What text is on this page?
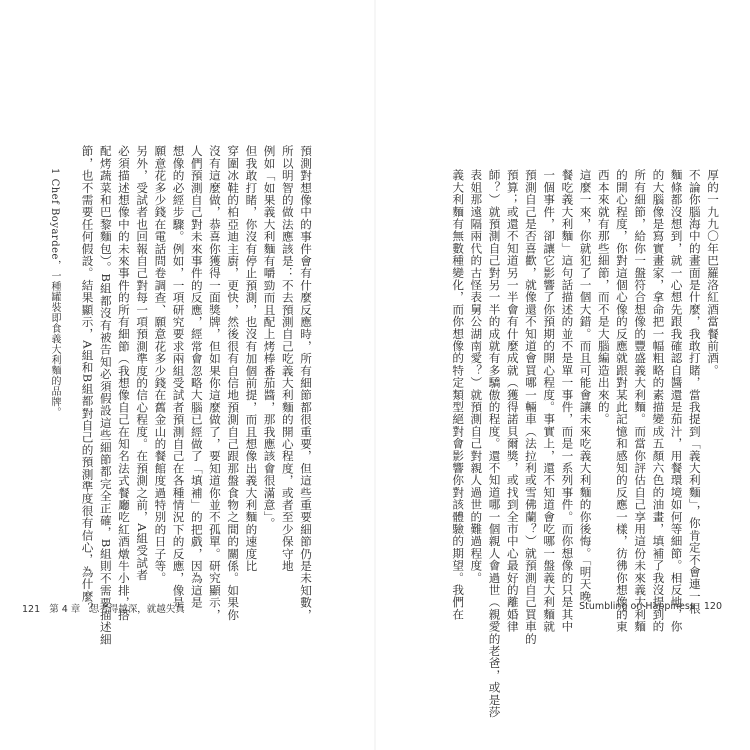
預測對想像中的事件會有什麼反應時，所有細節都很重要，但這些重要細節仍是未知數，
所以明智的做法應該是：不去預測自己吃義大利麵的開心程度，或者至少保守地
例如「如果義大利麵有嚼勁而且配上烤棒番茄醬，那我應該會很滿意」。
但我敢打睹，你沒有停止預測，也沒有加個前提，而且想像出義大利麵的速度比
穿圍冰鞋的柏亞迪主廚，更快，然後很有自信地預測自己跟那盤食物之間的關係。如果你
沒有這麼做，恭喜你獲得一面獎牌，但如果你這麼做了，要知道你並不孤單。研究顯示，
人們預測自己對未來事件的反應，經常會忽略大腦已經做了「填補」的把戲，因為這是
想像的必經步驟。例如，一項研究要求兩組受試者預測自己在各種情況下的反應，像是
願意花多少錢在電話問卷調查、願意花多少錢在舊金山的餐館度過特別的日子等。
另外，受試者也回報自己對每一項預測準度的信心程度。在預測之前，A組受試者
必須描述想像中的未來事件的所有細節（我想像自己在知名法式餐廳吃紅酒燉牛小排，搭
配烤蔬菜和巴黎麵包）。B組都沒有被告知必須假設這些細節都完全正確，B組則不需要描述細
節，也不需要任何假設。結果顯示，A組和B組都對自己的預測準度很有信心，為什麼？
1 Chef Boyardee，一種罐裝即食義大利麵的品牌。
121 第 4 章　思考得越深，就越失真
厚的一九九〇年巴羅洛紅酒當餐前酒。
不論你腦海中的畫面是什麼，我敢打賭，當我提到「義大利麵」，你肯定不會連一根
麵條都沒想到，就一心想先跟我確認自醬還是茄汁，用餐環境如何等細節。相反地，你
的大腦像是寫實畫家，拿命把一幅粗略的素描變成五顏六色的油畫，填補了我沒提到的
所有細節，給你一盤符合想像的豐盛義大利麵。而當你評估自己享用這份未來義大利麵
的開心程度，你對這個心像的反應就跟對某此記憶和感知的反應一樣，彷彿你想像的東
西本來就有那些細節，而不是大腦編造出來的。
這麼一來，你就犯了一個大錯。而且可能會讓未來吃義大利麵的你後悔。「明天晚
餐吃義大利麵」這句話描述的並不是單一事件，而是一系列事件。而你想像的只是其中
一個事件，卻讓它影響了你預期的開心程度。事實上，還不知道會吃哪一盤義大利麵就
預測自己是否喜歡，就像還不知道會買哪一輛車（法拉利或雪佛蘭？）就預測自己買車的
預算；或還不知道另一半會有什麼成就（獲得諾貝爾獎，或找到全市中心最好的離婚律
師？）就預測自己對另一半的成就有多驕傲的程度。還不知道哪一個親人會過世（親愛的老爸，或是莎
表姐那遠隔兩代的古怪表舅公湖南愛？）就預測自己對親人過世的難過程度。
義大利麵有無數種變化，而你想像的特定類型絕對會影響你對該體驗的期望。我們在	Stumbling on Happiness 120
